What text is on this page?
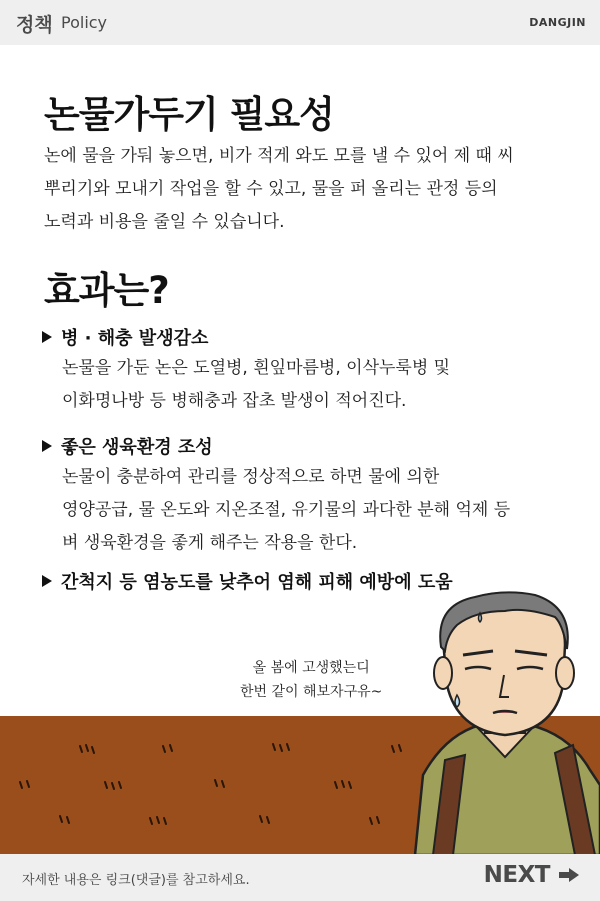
정책 Policy	DANGJIN
논물가두기 필요성
논에 물을 가둬 놓으면, 비가 적게 와도 모를 낼 수 있어 제 때 씨
뿌리기와 모내기 작업을 할 수 있고, 물을 퍼 올리는 관정 등의
노력과 비용을 줄일 수 있습니다.
효과는?
병 · 해충 발생감소
논물을 가둔 논은 도열병, 흰잎마름병, 이삭누룩병 및
이화명나방 등 병해충과 잡초 발생이 적어진다.
좋은 생육환경 조성
논물이 충분하여 관리를 정상적으로 하면 물에 의한
영양공급, 물 온도와 지온조절, 유기물의 과다한 분해 억제 등
벼 생육환경을 좋게 해주는 작용을 한다.
간척지 등 염농도를 낮추어 염해 피해 예방에 도움
올 봄에 고생했는디
한번 같이 해보자구유~
자세한 내용은 링크(댓글)를 참고하세요.	NEXT
